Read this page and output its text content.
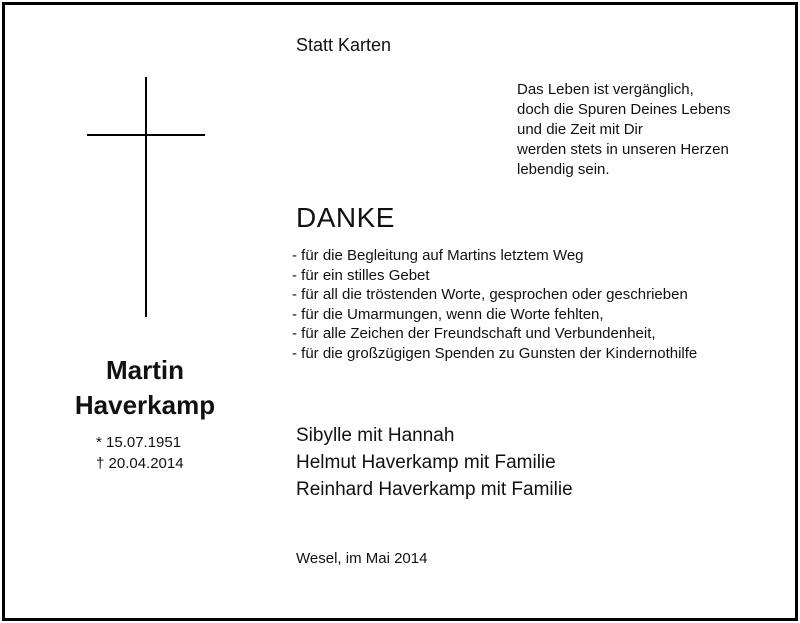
Martin
Haverkamp
* 15.07.1951
† 20.04.2014
Statt Karten
Das Leben ist vergänglich,
doch die Spuren Deines Lebens
und die Zeit mit Dir
werden stets in unseren Herzen
lebendig sein.
DANKE
- für die Begleitung auf Martins letztem Weg
- für ein stilles Gebet
- für all die tröstenden Worte, gesprochen oder geschrieben
- für die Umarmungen, wenn die Worte fehlten,
- für alle Zeichen der Freundschaft und Verbundenheit,
- für die großzügigen Spenden zu Gunsten der Kindernothilfe
Sibylle mit Hannah
Helmut Haverkamp mit Familie
Reinhard Haverkamp mit Familie
Wesel, im Mai 2014
